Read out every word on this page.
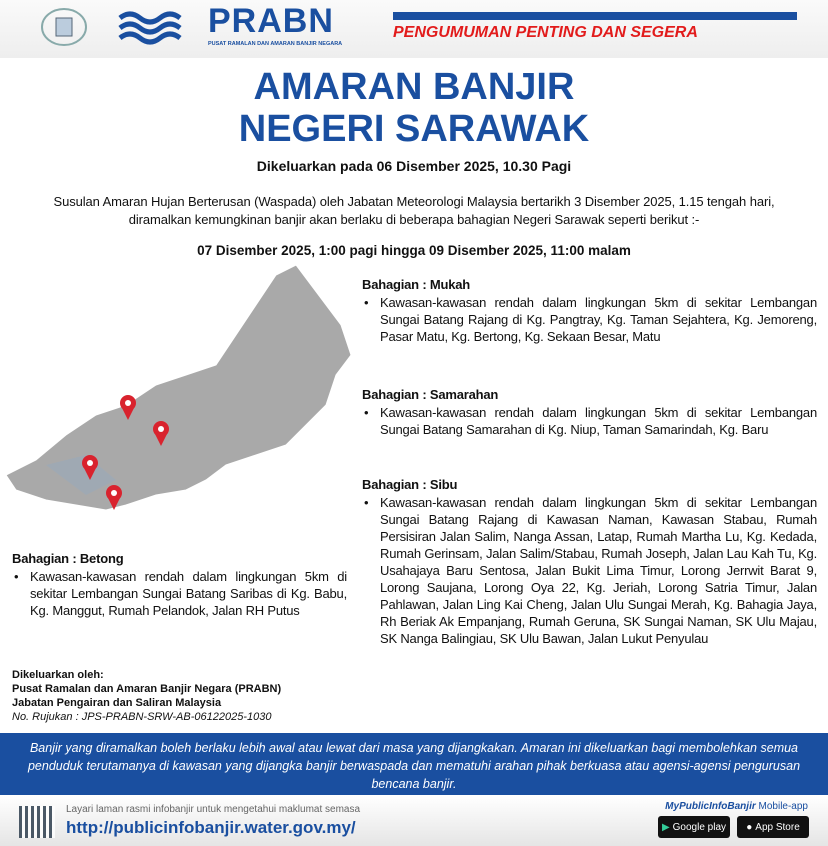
PRABN
PUSAT RAMALAN DAN AMARAN BANJIR NEGARA
PENGUMUMAN PENTING DAN SEGERA
AMARAN BANJIR
NEGERI SARAWAK
Dikeluarkan pada 06 Disember 2025, 10.30 Pagi
Susulan Amaran Hujan Berterusan (Waspada) oleh Jabatan Meteorologi Malaysia bertarikh 3 Disember 2025, 1.15 tengah hari,
diramalkan kemungkinan banjir akan berlaku di beberapa bahagian Negeri Sarawak seperti berikut :-
07 Disember 2025, 1:00 pagi hingga 09 Disember 2025, 11:00 malam
Bahagian : Mukah
• Kawasan-kawasan rendah dalam lingkungan 5km di sekitar Lembangan Sungai Batang Rajang di Kg. Pangtray, Kg. Taman Sejahtera, Kg. Jemoreng, Pasar Matu, Kg. Bertong, Kg. Sekaan Besar, Matu
Bahagian : Samarahan
• Kawasan-kawasan rendah dalam lingkungan 5km di sekitar Lembangan Sungai Batang Samarahan di Kg. Niup, Taman Samarindah, Kg. Baru
Bahagian : Sibu
• Kawasan-kawasan rendah dalam lingkungan 5km di sekitar Lembangan Sungai Batang Rajang di Kawasan Naman, Kawasan Stabau, Rumah Persisiran Jalan Salim, Nanga Assan, Latap, Rumah Martha Lu, Kg. Kedada, Rumah Gerinsam, Jalan Salim/Stabau, Rumah Joseph, Jalan Lau Kah Tu, Kg. Usahajaya Baru Sentosa, Jalan Bukit Lima Timur, Lorong Jerrwit Barat 9, Lorong Saujana, Lorong Oya 22, Kg. Jeriah, Lorong Satria Timur, Jalan Pahlawan, Jalan Ling Kai Cheng, Jalan Ulu Sungai Merah, Kg. Bahagia Jaya, Rh Beriak Ak Empanjang, Rumah Geruna, SK Sungai Naman, SK Ulu Majau, SK Nanga Balingiau, SK Ulu Bawan, Jalan Lukut Penyulau
Bahagian : Betong
• Kawasan-kawasan rendah dalam lingkungan 5km di sekitar Lembangan Sungai Batang Saribas di Kg. Babu, Kg. Manggut, Rumah Pelandok, Jalan RH Putus
Dikeluarkan oleh:
Pusat Ramalan dan Amaran Banjir Negara (PRABN)
Jabatan Pengairan dan Saliran Malaysia
No. Rujukan : JPS-PRABN-SRW-AB-06122025-1030
Banjir yang diramalkan boleh berlaku lebih awal atau lewat dari masa yang dijangkakan. Amaran ini dikeluarkan bagi membolehkan semua penduduk terutamanya di kawasan yang dijangka banjir berwaspada dan mematuhi arahan pihak berkuasa atau agensi-agensi pengurusan bencana banjir.
Layari laman rasmi infobanjir untuk mengetahui maklumat semasa
http://publicinfobanjir.water.gov.my/
MyPublicInfoBanjir Mobile-app
▶ Google play ● App Store
